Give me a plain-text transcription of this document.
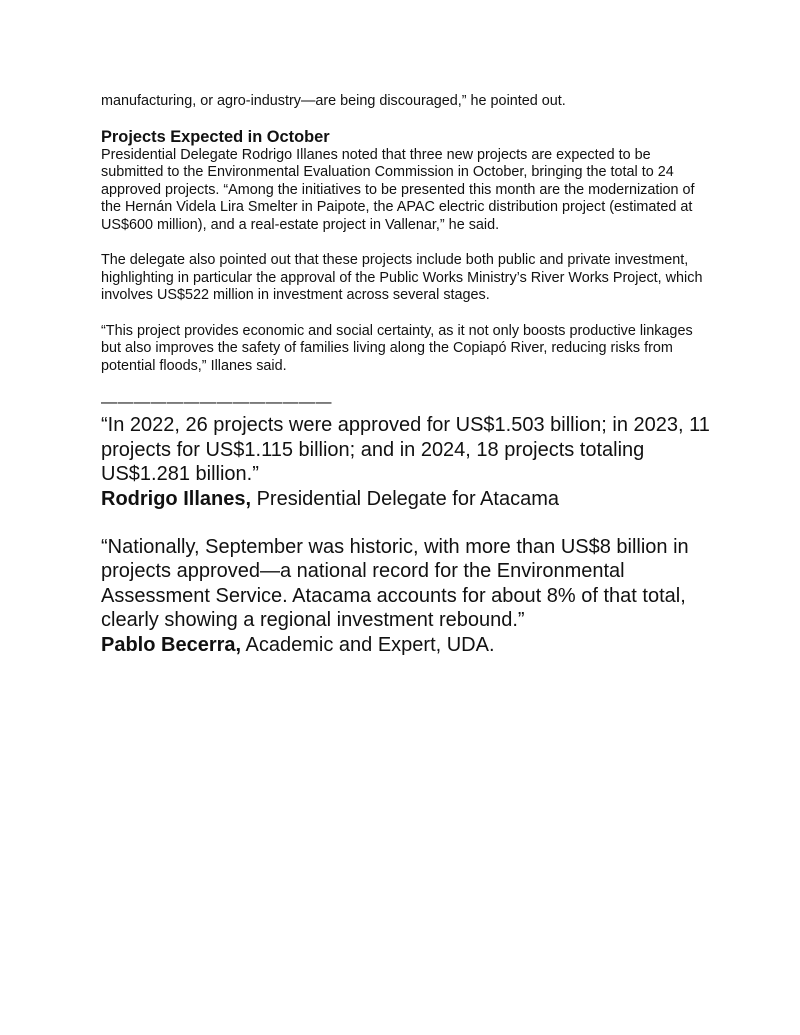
manufacturing, or agro-industry—are being discouraged,” he pointed out.

Projects Expected in October

Presidential Delegate Rodrigo Illanes noted that three new projects are expected to be submitted to the Environmental Evaluation Commission in October, bringing the total to 24 approved projects. “Among the initiatives to be presented this month are the modernization of the Hernán Videla Lira Smelter in Paipote, the APAC electric distribution project (estimated at US$600 million), and a real-estate project in Vallenar,” he said.

The delegate also pointed out that these projects include both public and private investment, highlighting in particular the approval of the Public Works Ministry’s River Works Project, which involves US$522 million in investment across several stages.

“This project provides economic and social certainty, as it not only boosts productive linkages but also improves the safety of families living along the Copiapó River, reducing risks from potential floods,” Illanes said.

——————————————

“In 2022, 26 projects were approved for US$1.503 billion; in 2023, 11 projects for US$1.115 billion; and in 2024, 18 projects totaling US$1.281 billion.”

Rodrigo Illanes, Presidential Delegate for Atacama

“Nationally, September was historic, with more than US$8 billion in projects approved—a national record for the Environmental Assessment Service. Atacama accounts for about 8% of that total, clearly showing a regional investment rebound.”

Pablo Becerra, Academic and Expert, UDA.
